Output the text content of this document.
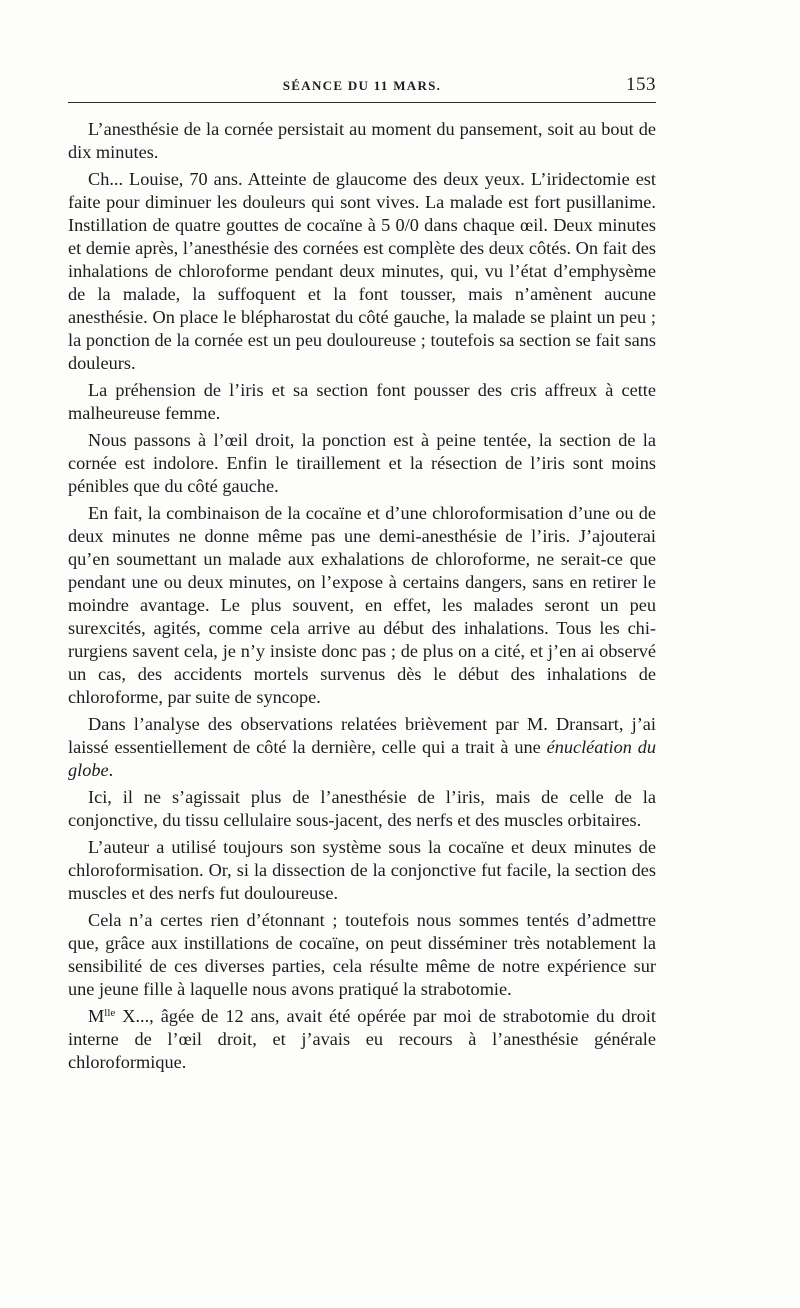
SÉANCE DU 11 MARS.	153

L’anesthésie de la cornée persistait au moment du pansement, soit au bout de dix minutes.

Ch... Louise, 70 ans. Atteinte de glaucome des deux yeux. L’iridectomie est faite pour diminuer les douleurs qui sont vives. La malade est fort pusillanime. Instillation de quatre gouttes de cocaïne à 5 0/0 dans chaque œil. Deux minutes et demie après, l’anesthésie des cornées est complète des deux côtés. On fait des inhalations de chloroforme pendant deux minutes, qui, vu l’état d’emphysème de la malade, la suffoquent et la font tousser, mais n’amènent aucune anesthésie. On place le blépharostat du côté gauche, la malade se plaint un peu ; la ponction de la cornée est un peu douloureuse ; toutefois sa section se fait sans douleurs.

La préhension de l’iris et sa section font pousser des cris affreux à cette malheureuse femme.

Nous passons à l’œil droit, la ponction est à peine tentée, la section de la cornée est indolore. Enfin le tiraillement et la résection de l’iris sont moins pénibles que du côté gauche.

En fait, la combinaison de la cocaïne et d’une chloroformisation d’une ou de deux minutes ne donne même pas une demi-anesthésie de l’iris. J’ajouterai qu’en soumettant un malade aux exhalations de chloroforme, ne serait-ce que pendant une ou deux minutes, on l’expose à certains dangers, sans en retirer le moindre avantage. Le plus souvent, en effet, les malades seront un peu surexcités, agités, comme cela arrive au début des inhalations. Tous les chirurgiens savent cela, je n’y insiste donc pas ; de plus on a cité, et j’en ai observé un cas, des accidents mortels survenus dès le début des inhalations de chloroforme, par suite de syncope.

Dans l’analyse des observations relatées brièvement par M. Dransart, j’ai laissé essentiellement de côté la dernière, celle qui a trait à une énucléation du globe.

Ici, il ne s’agissait plus de l’anesthésie de l’iris, mais de celle de la conjonctive, du tissu cellulaire sous-jacent, des nerfs et des muscles orbitaires.

L’auteur a utilisé toujours son système sous la cocaïne et deux minutes de chloroformisation. Or, si la dissection de la conjonctive fut facile, la section des muscles et des nerfs fut douloureuse.

Cela n’a certes rien d’étonnant ; toutefois nous sommes tentés d’admettre que, grâce aux instillations de cocaïne, on peut disséminer très notablement la sensibilité de ces diverses parties, cela résulte même de notre expérience sur une jeune fille à laquelle nous avons pratiqué la strabotomie.

$M^{lle}$ X..., âgée de 12 ans, avait été opérée par moi de strabotomie du droit interne de l’œil droit, et j’avais eu recours à l’anesthésie générale chloroformique.
